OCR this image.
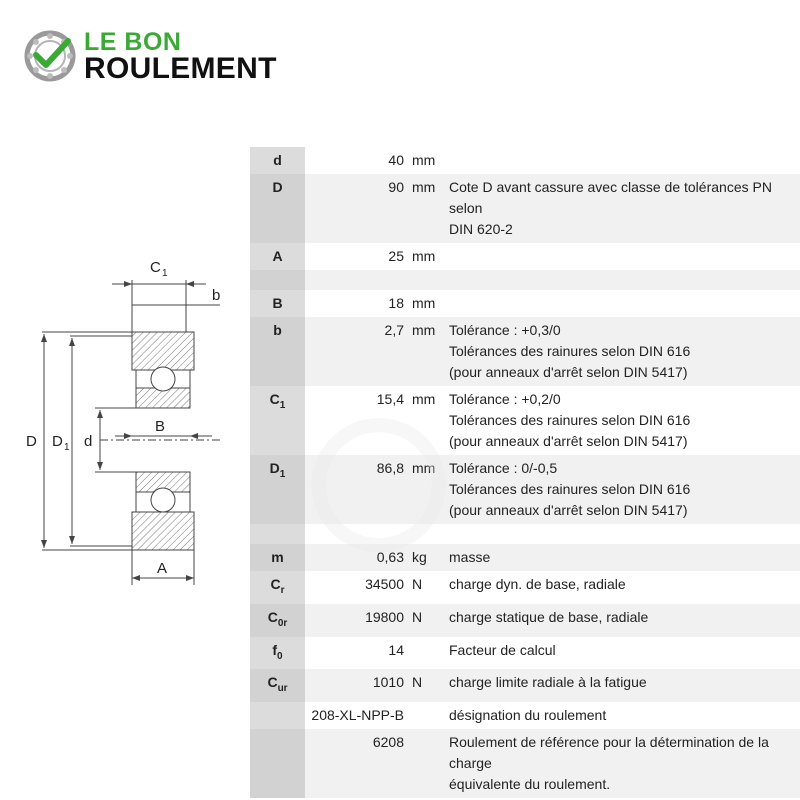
LE BON
ROULEMENT
C 1
b
B
D D 1 d
A
d	40	mm	
D	90	mm	Cote D avant cassure avec classe de tolérances PN selon
DIN 620-2

A	25	mm	

B	18	mm	
b	2,7	mm	Tolérance : +0,3/0
Tolérances des rainures selon DIN 616
(pour anneaux d'arrêt selon DIN 5417)

$C_1$	15,4	mm	Tolérance : +0,2/0
Tolérances des rainures selon DIN 616
(pour anneaux d'arrêt selon DIN 5417)

$D_1$	86,8	mm	Tolérance : 0/-0,5
Tolérances des rainures selon DIN 616
(pour anneaux d'arrêt selon DIN 5417)

m	0,63	kg	masse

$C_r$	34500	N	charge dyn. de base, radiale

$C_{0r}$	19800	N	charge statique de base, radiale

$f_0$	14		Facteur de calcul

$C_{ur}$	1010	N	charge limite radiale à la fatigue

	208-XL-NPP-B		désignation du roulement

	6208		Roulement de référence pour la détermination de la charge
équivalente du roulement.
